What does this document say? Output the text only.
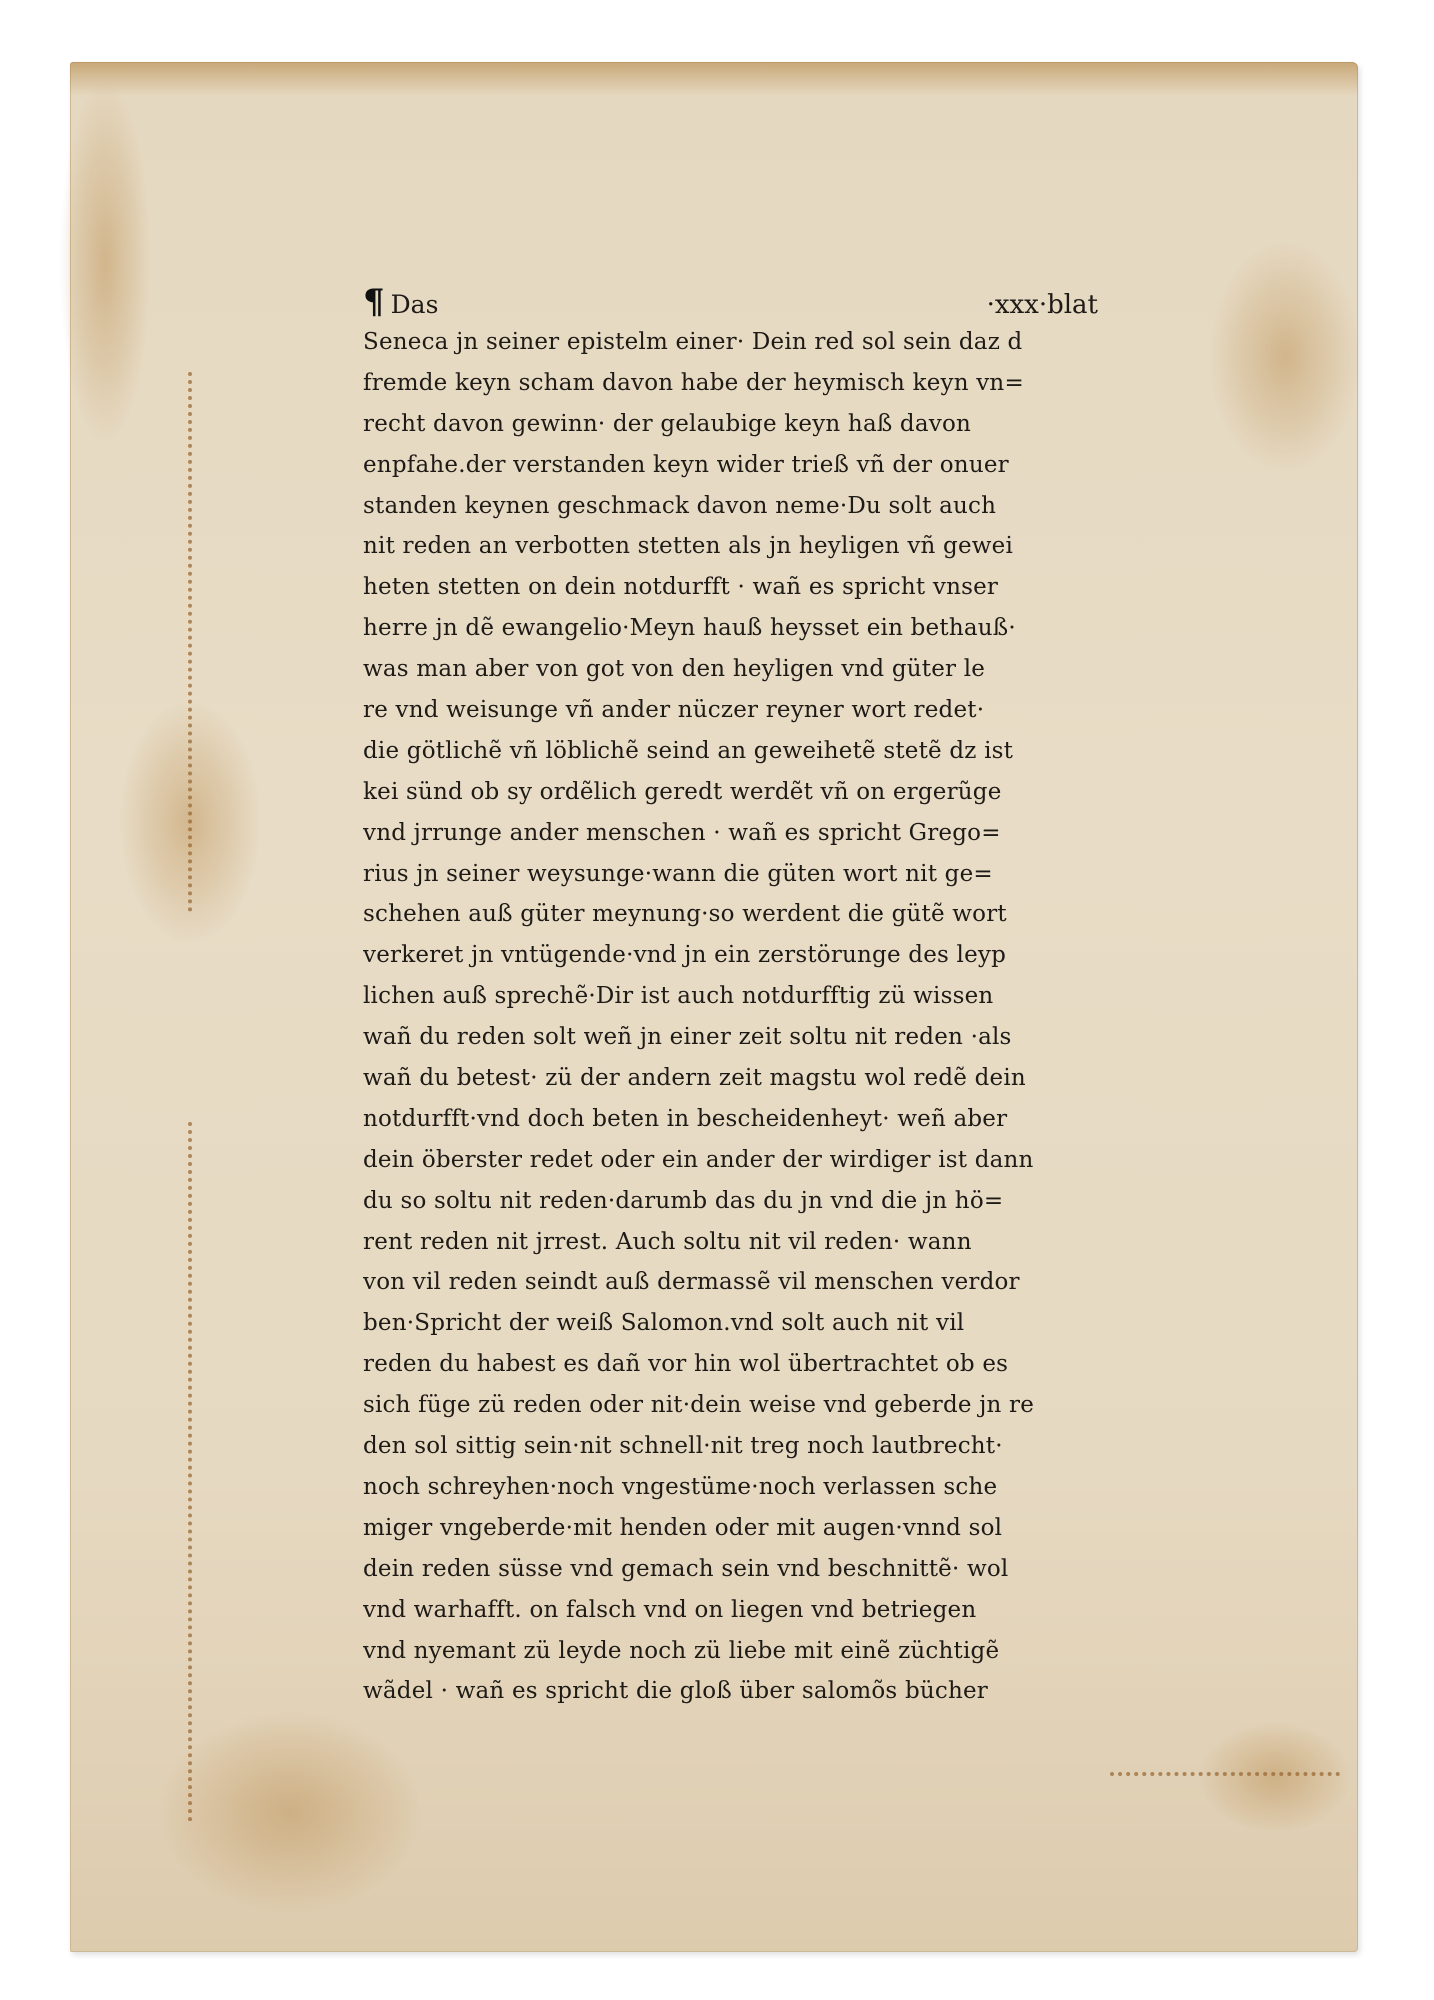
¶ Das	·xxx·blat
Seneca jn seiner epistelm einer· Dein red sol sein daz d
fremde keyn scham davon habe der heymisch keyn vn=
recht davon gewinn· der gelaubige keyn haß davon
enpfahe.der verstanden keyn wider trieß vñ der onuer
standen keynen geschmack davon neme·Du solt auch
nit reden an verbotten stetten als jn heyligen vñ gewei
heten stetten on dein notdurfft · wañ es spricht vnser
herre jn dẽ ewangelio·Meyn hauß heysset ein bethauß·
was man aber von got von den heyligen vnd güter le
re vnd weisunge vñ ander nüczer reyner wort redet·
die götlichẽ vñ löblichẽ seind an geweihetẽ stetẽ dz ist
kei sünd ob sy ordẽlich geredt werdẽt vñ on ergerũge
vnd jrrunge ander menschen · wañ es spricht Grego=
rius jn seiner weysunge·wann die güten wort nit ge=
schehen auß güter meynung·so werdent die gütẽ wort
verkeret jn vntügende·vnd jn ein zerstörunge des leyp
lichen auß sprechẽ·Dir ist auch notdurfftig zü wissen
wañ du reden solt weñ jn einer zeit soltu nit reden ·als
wañ du betest· zü der andern zeit magstu wol redẽ dein
notdurfft·vnd doch beten in bescheidenheyt· weñ aber
dein öberster redet oder ein ander der wirdiger ist dann
du so soltu nit reden·darumb das du jn vnd die jn hö=
rent reden nit jrrest. Auch soltu nit vil reden· wann
von vil reden seindt auß dermassẽ vil menschen verdor
ben·Spricht der weiß Salomon.vnd solt auch nit vil
reden du habest es dañ vor hin wol übertrachtet ob es
sich füge zü reden oder nit·dein weise vnd geberde jn re
den sol sittig sein·nit schnell·nit treg noch lautbrecht·
noch schreyhen·noch vngestüme·noch verlassen sche
miger vngeberde·mit henden oder mit augen·vnnd sol
dein reden süsse vnd gemach sein vnd beschnittẽ· wol
vnd warhafft. on falsch vnd on liegen vnd betriegen
vnd nyemant zü leyde noch zü liebe mit einẽ züchtigẽ
wãdel · wañ es spricht die gloß über salomõs bücher
